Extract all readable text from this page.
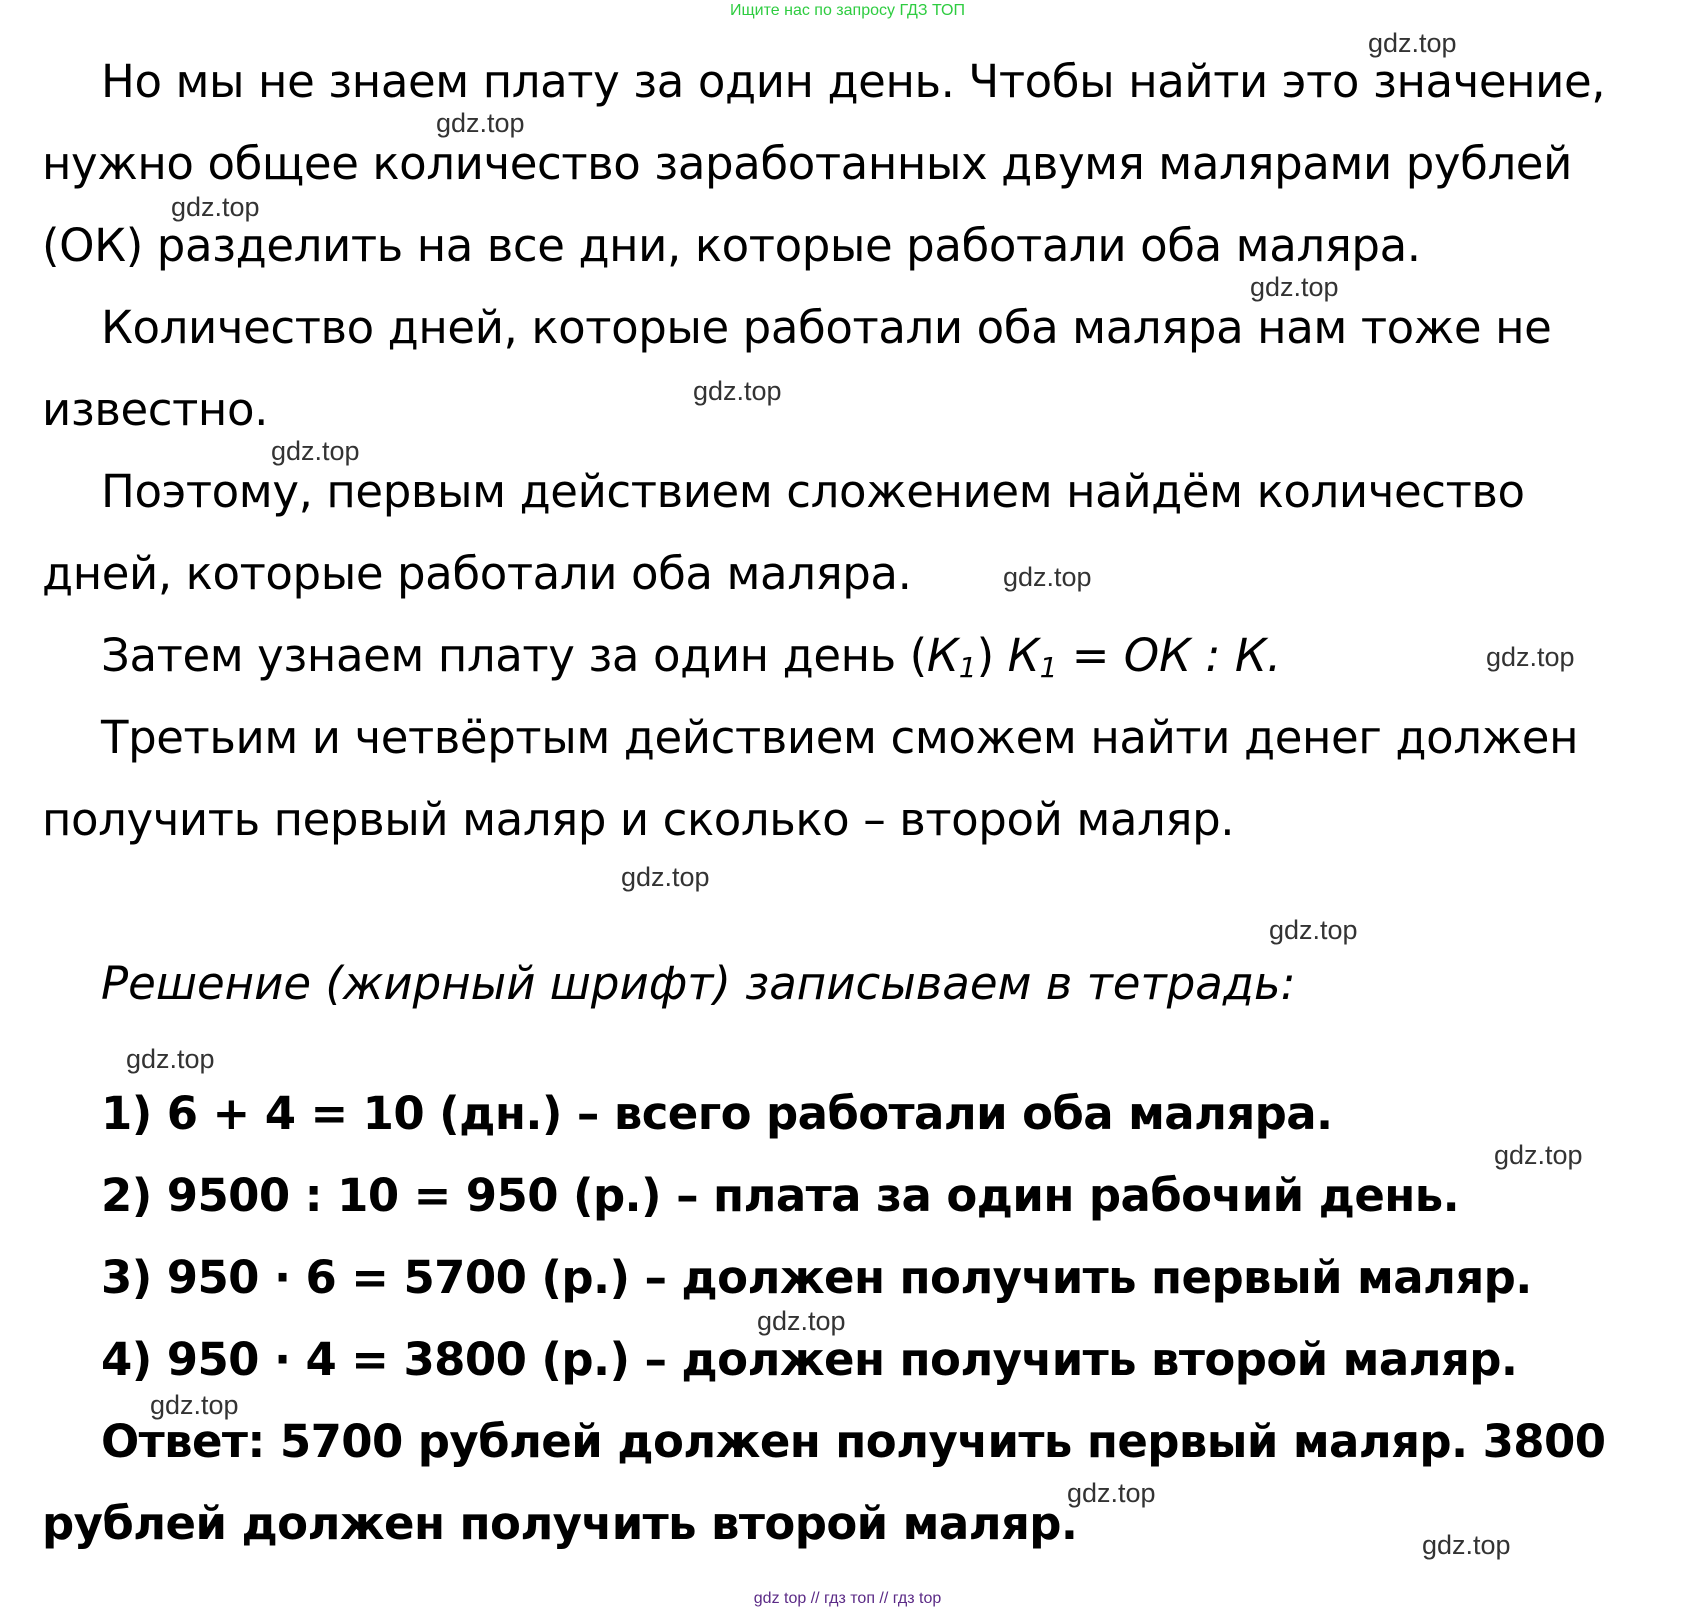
Ищите нас по запросу ГДЗ ТОП
Но мы не знаем плату за один день. Чтобы найти это значение,
нужно общее количество заработанных двумя малярами рублей
(ОК) разделить на все дни, которые работали оба маляра.
Количество дней, которые работали оба маляра нам тоже не
известно.
Поэтому, первым действием сложением найдём количество
дней, которые работали оба маляра.
Затем узнаем плату за один день $(К_1) К_1$ = ОК : К.
Третьим и четвёртым действием сможем найти денег должен
получить первый маляр и сколько – второй маляр.
Решение (жирный шрифт) записываем в тетрадь:
1) 6 + 4 = 10 (дн.) – всего работали оба маляра.
2) 9500 : 10 = 950 (р.) – плата за один рабочий день.
3) 950 · 6 = 5700 (р.) – должен получить первый маляр.
4) 950 · 4 = 3800 (р.) – должен получить второй маляр.
Ответ: 5700 рублей должен получить первый маляр. 3800
рублей должен получить второй маляр.
gdz.top
gdz.top
gdz.top
gdz.top
gdz.top
gdz.top
gdz.top
gdz.top
gdz.top
gdz.top
gdz.top
gdz.top
gdz.top
gdz.top
gdz.top
gdz.top
gdz top // гдз топ // гдз top
